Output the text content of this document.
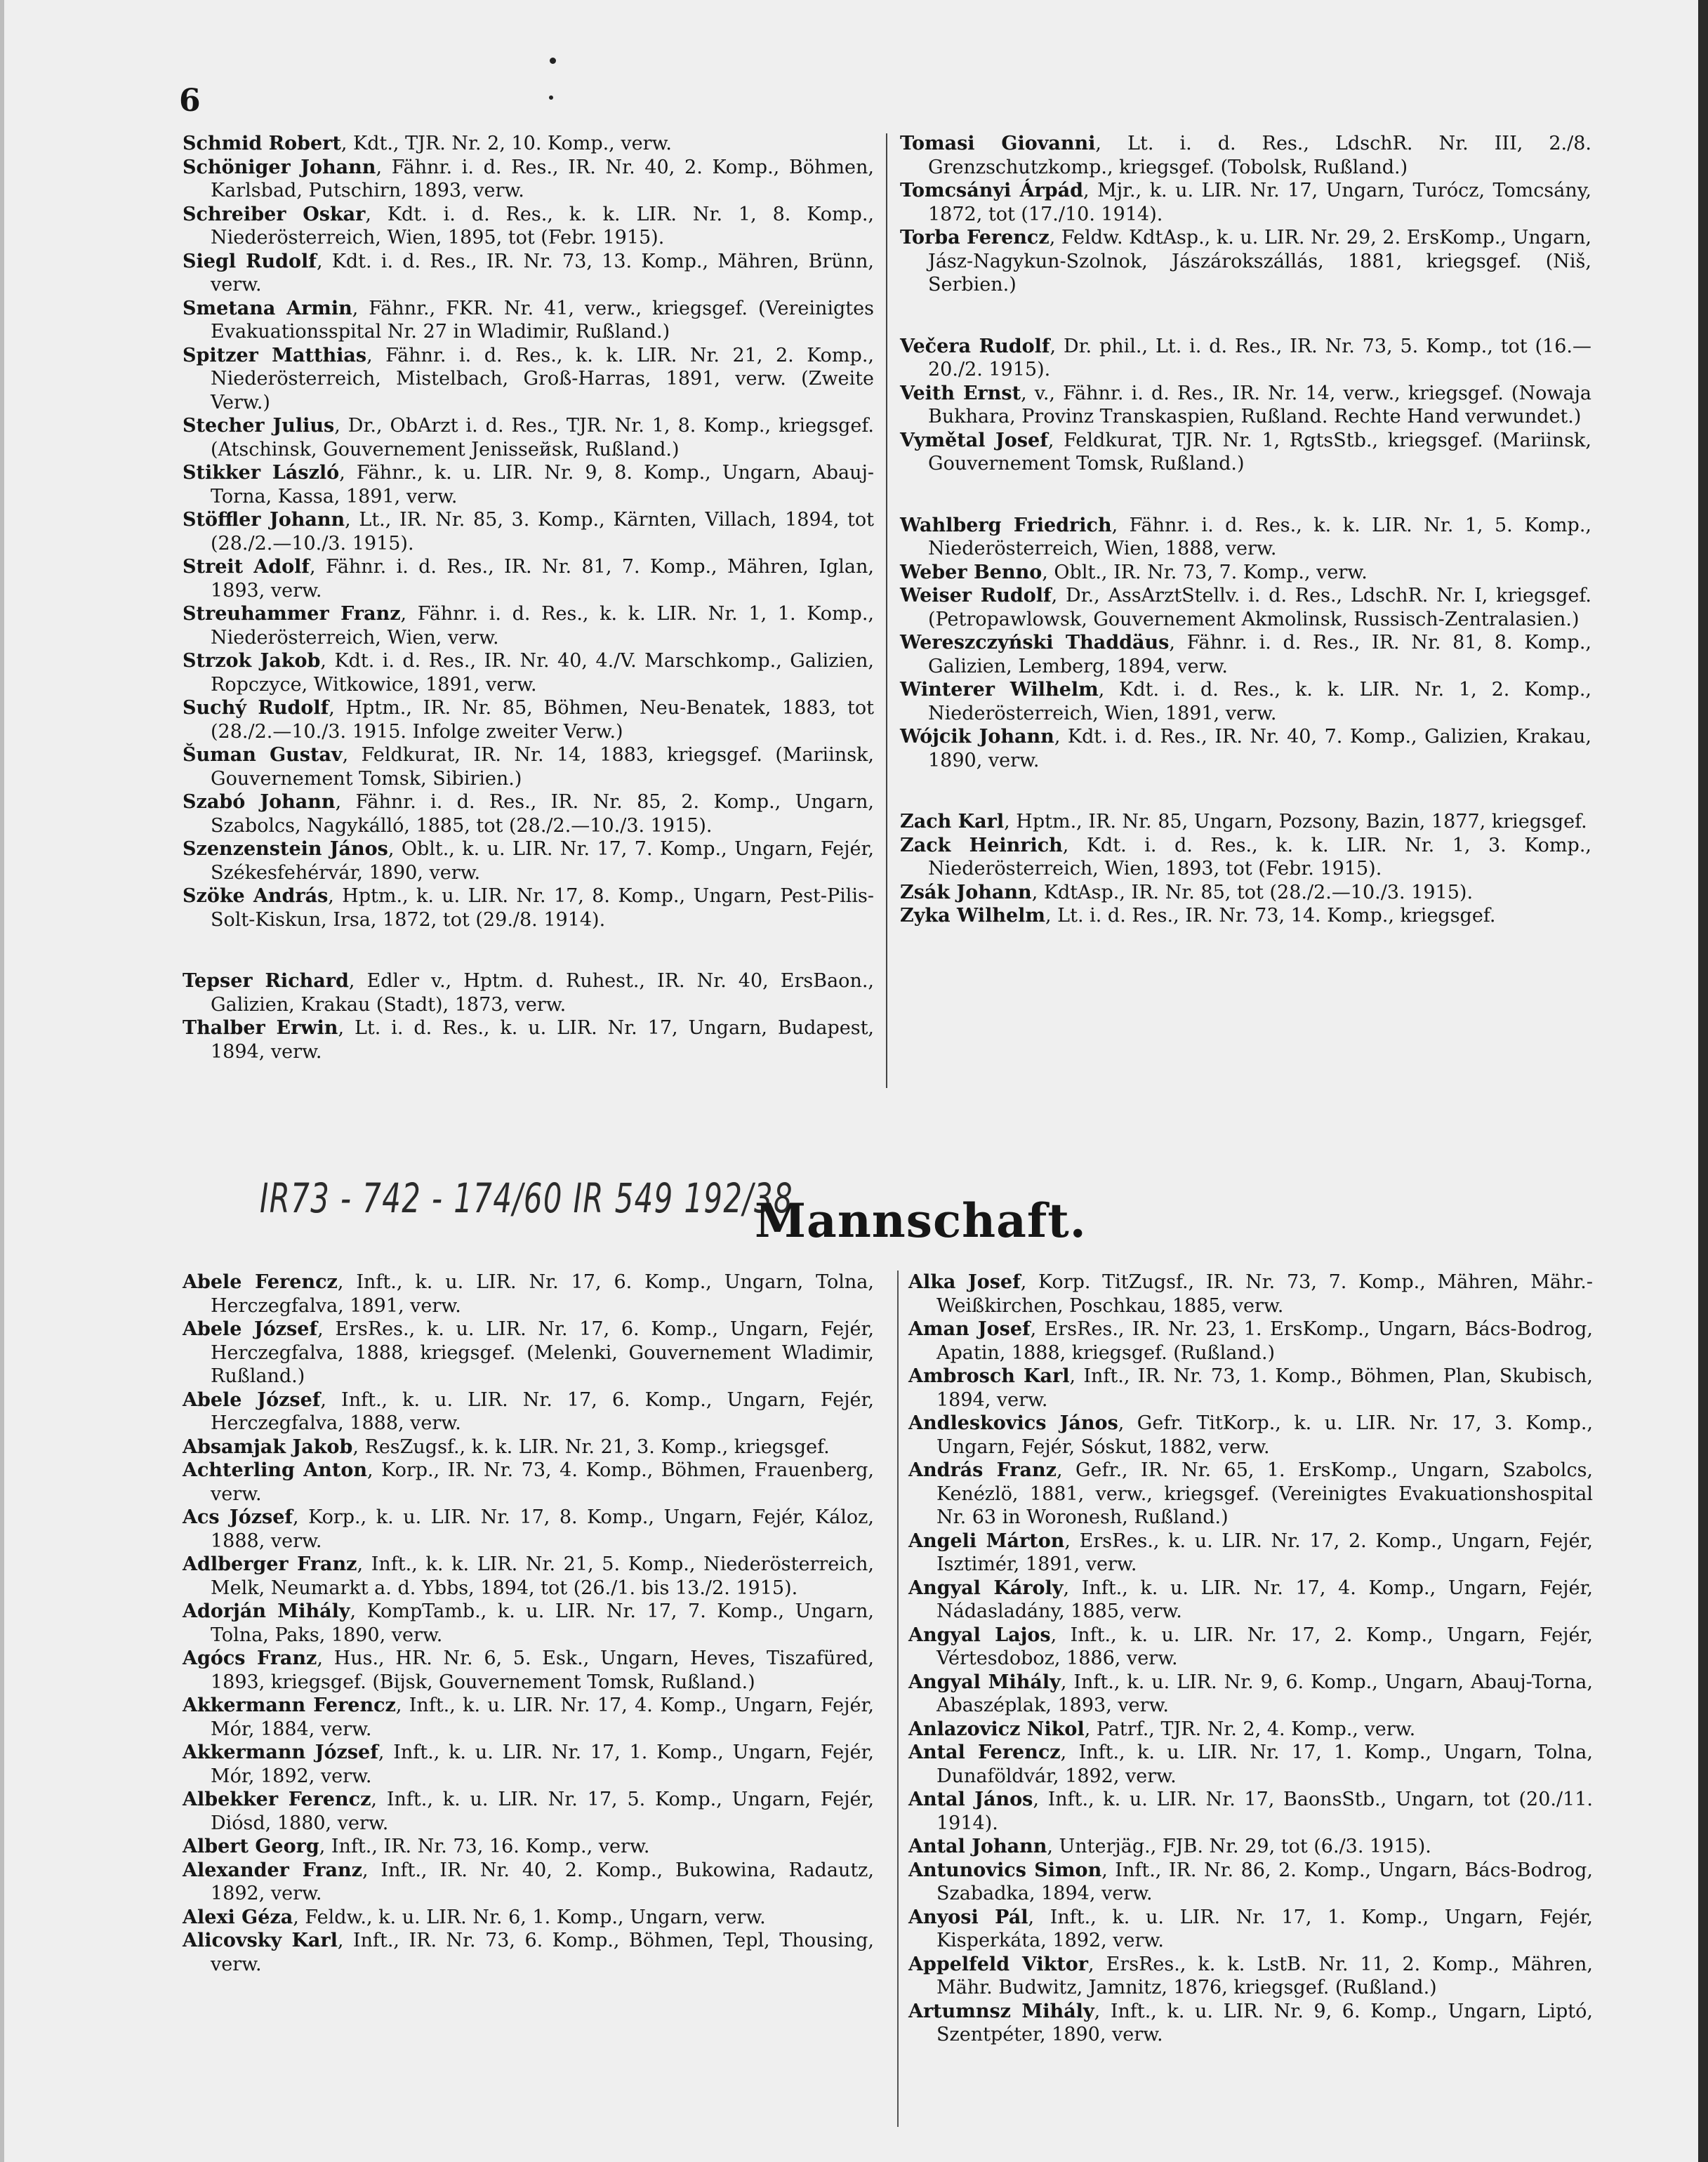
6

Schmid Robert, Kdt., TJR. Nr. 2, 10. Komp., verw.

Schöniger Johann, Fähnr. i. d. Res., IR. Nr. 40, 2. Komp., Böhmen, Karlsbad, Putschirn, 1893, verw.

Schreiber Oskar, Kdt. i. d. Res., k. k. LIR. Nr. 1, 8. Komp., Niederösterreich, Wien, 1895, tot (Febr. 1915).

Siegl Rudolf, Kdt. i. d. Res., IR. Nr. 73, 13. Komp., Mähren, Brünn, verw.

Smetana Armin, Fähnr., FKR. Nr. 41, verw., kriegsgef. (Vereinigtes Evakuationsspital Nr. 27 in Wladimir, Rußland.)

Spitzer Matthias, Fähnr. i. d. Res., k. k. LIR. Nr. 21, 2. Komp., Niederösterreich, Mistelbach, Groß-Harras, 1891, verw. (Zweite Verw.)

Stecher Julius, Dr., ObArzt i. d. Res., TJR. Nr. 1, 8. Komp., kriegsgef. (Atschinsk, Gouvernement Jenissейsk, Rußland.)

Stikker László, Fähnr., k. u. LIR. Nr. 9, 8. Komp., Ungarn, Abauj-Torna, Kassa, 1891, verw.

Stöffler Johann, Lt., IR. Nr. 85, 3. Komp., Kärnten, Villach, 1894, tot (28./2.—10./3. 1915).

Streit Adolf, Fähnr. i. d. Res., IR. Nr. 81, 7. Komp., Mähren, Iglan, 1893, verw.

Streuhammer Franz, Fähnr. i. d. Res., k. k. LIR. Nr. 1, 1. Komp., Niederösterreich, Wien, verw.

Strzok Jakob, Kdt. i. d. Res., IR. Nr. 40, 4./V. Marschkomp., Galizien, Ropczyce, Witkowice, 1891, verw.

Suchý Rudolf, Hptm., IR. Nr. 85, Böhmen, Neu-Benatek, 1883, tot (28./2.—10./3. 1915. Infolge zweiter Verw.)

Šuman Gustav, Feldkurat, IR. Nr. 14, 1883, kriegsgef. (Mariinsk, Gouvernement Tomsk, Sibirien.)

Szabó Johann, Fähnr. i. d. Res., IR. Nr. 85, 2. Komp., Ungarn, Szabolcs, Nagykálló, 1885, tot (28./2.—10./3. 1915).

Szenzenstein János, Oblt., k. u. LIR. Nr. 17, 7. Komp., Ungarn, Fejér, Székesfehérvár, 1890, verw.

Szöke András, Hptm., k. u. LIR. Nr. 17, 8. Komp., Ungarn, Pest-Pilis-Solt-Kiskun, Irsa, 1872, tot (29./8. 1914).

Tepser Richard, Edler v., Hptm. d. Ruhest., IR. Nr. 40, ErsBaon., Galizien, Krakau (Stadt), 1873, verw.

Thalber Erwin, Lt. i. d. Res., k. u. LIR. Nr. 17, Ungarn, Budapest, 1894, verw.

Tomasi Giovanni, Lt. i. d. Res., LdschR. Nr. III, 2./8. Grenzschutzkomp., kriegsgef. (Tobolsk, Rußland.)

Tomcsányi Árpád, Mjr., k. u. LIR. Nr. 17, Ungarn, Turócz, Tomcsány, 1872, tot (17./10. 1914).

Torba Ferencz, Feldw. KdtAsp., k. u. LIR. Nr. 29, 2. ErsKomp., Ungarn, Jász-Nagykun-Szolnok, Jászárokszállás, 1881, kriegsgef. (Niš, Serbien.)

Večera Rudolf, Dr. phil., Lt. i. d. Res., IR. Nr. 73, 5. Komp., tot (16.—20./2. 1915).

Veith Ernst, v., Fähnr. i. d. Res., IR. Nr. 14, verw., kriegsgef. (Nowaja Bukhara, Provinz Transkaspien, Rußland. Rechte Hand verwundet.)

Vymětal Josef, Feldkurat, TJR. Nr. 1, RgtsStb., kriegsgef. (Mariinsk, Gouvernement Tomsk, Rußland.)

Wahlberg Friedrich, Fähnr. i. d. Res., k. k. LIR. Nr. 1, 5. Komp., Niederösterreich, Wien, 1888, verw.

Weber Benno, Oblt., IR. Nr. 73, 7. Komp., verw.

Weiser Rudolf, Dr., AssArztStellv. i. d. Res., LdschR. Nr. I, kriegsgef. (Petropawlowsk, Gouvernement Akmolinsk, Russisch-Zentralasien.)

Wereszczyński Thaddäus, Fähnr. i. d. Res., IR. Nr. 81, 8. Komp., Galizien, Lemberg, 1894, verw.

Winterer Wilhelm, Kdt. i. d. Res., k. k. LIR. Nr. 1, 2. Komp., Niederösterreich, Wien, 1891, verw.

Wójcik Johann, Kdt. i. d. Res., IR. Nr. 40, 7. Komp., Galizien, Krakau, 1890, verw.

Zach Karl, Hptm., IR. Nr. 85, Ungarn, Pozsony, Bazin, 1877, kriegsgef.

Zack Heinrich, Kdt. i. d. Res., k. k. LIR. Nr. 1, 3. Komp., Niederösterreich, Wien, 1893, tot (Febr. 1915).

Zsák Johann, KdtAsp., IR. Nr. 85, tot (28./2.—10./3. 1915).

Zyka Wilhelm, Lt. i. d. Res., IR. Nr. 73, 14. Komp., kriegsgef.

IR73 - 742 - 174/60 IR 549 192/38
Mannschaft.

Abele Ferencz, Inft., k. u. LIR. Nr. 17, 6. Komp., Ungarn, Tolna, Herczegfalva, 1891, verw.

Abele József, ErsRes., k. u. LIR. Nr. 17, 6. Komp., Ungarn, Fejér, Herczegfalva, 1888, kriegsgef. (Melenki, Gouvernement Wladimir, Rußland.)

Abele József, Inft., k. u. LIR. Nr. 17, 6. Komp., Ungarn, Fejér, Herczegfalva, 1888, verw.

Absamjak Jakob, ResZugsf., k. k. LIR. Nr. 21, 3. Komp., kriegsgef.

Achterling Anton, Korp., IR. Nr. 73, 4. Komp., Böhmen, Frauenberg, verw.

Acs József, Korp., k. u. LIR. Nr. 17, 8. Komp., Ungarn, Fejér, Káloz, 1888, verw.

Adlberger Franz, Inft., k. k. LIR. Nr. 21, 5. Komp., Niederösterreich, Melk, Neumarkt a. d. Ybbs, 1894, tot (26./1. bis 13./2. 1915).

Adorján Mihály, KompTamb., k. u. LIR. Nr. 17, 7. Komp., Ungarn, Tolna, Paks, 1890, verw.

Agócs Franz, Hus., HR. Nr. 6, 5. Esk., Ungarn, Heves, Tiszafüred, 1893, kriegsgef. (Bijsk, Gouvernement Tomsk, Rußland.)

Akkermann Ferencz, Inft., k. u. LIR. Nr. 17, 4. Komp., Ungarn, Fejér, Mór, 1884, verw.

Akkermann József, Inft., k. u. LIR. Nr. 17, 1. Komp., Ungarn, Fejér, Mór, 1892, verw.

Albekker Ferencz, Inft., k. u. LIR. Nr. 17, 5. Komp., Ungarn, Fejér, Diósd, 1880, verw.

Albert Georg, Inft., IR. Nr. 73, 16. Komp., verw.

Alexander Franz, Inft., IR. Nr. 40, 2. Komp., Bukowina, Radautz, 1892, verw.

Alexi Géza, Feldw., k. u. LIR. Nr. 6, 1. Komp., Ungarn, verw.

Alicovsky Karl, Inft., IR. Nr. 73, 6. Komp., Böhmen, Tepl, Thousing, verw.

Alka Josef, Korp. TitZugsf., IR. Nr. 73, 7. Komp., Mähren, Mähr.-Weißkirchen, Poschkau, 1885, verw.

Aman Josef, ErsRes., IR. Nr. 23, 1. ErsKomp., Ungarn, Bács-Bodrog, Apatin, 1888, kriegsgef. (Rußland.)

Ambrosch Karl, Inft., IR. Nr. 73, 1. Komp., Böhmen, Plan, Skubisch, 1894, verw.

Andleskovics János, Gefr. TitKorp., k. u. LIR. Nr. 17, 3. Komp., Ungarn, Fejér, Sóskut, 1882, verw.

András Franz, Gefr., IR. Nr. 65, 1. ErsKomp., Ungarn, Szabolcs, Kenézlö, 1881, verw., kriegsgef. (Vereinigtes Evakuationshospital Nr. 63 in Woronesh, Rußland.)

Angeli Márton, ErsRes., k. u. LIR. Nr. 17, 2. Komp., Ungarn, Fejér, Isztimér, 1891, verw.

Angyal Károly, Inft., k. u. LIR. Nr. 17, 4. Komp., Ungarn, Fejér, Nádasladány, 1885, verw.

Angyal Lajos, Inft., k. u. LIR. Nr. 17, 2. Komp., Ungarn, Fejér, Vértesdoboz, 1886, verw.

Angyal Mihály, Inft., k. u. LIR. Nr. 9, 6. Komp., Ungarn, Abauj-Torna, Abaszéplak, 1893, verw.

Anlazovicz Nikol, Patrf., TJR. Nr. 2, 4. Komp., verw.

Antal Ferencz, Inft., k. u. LIR. Nr. 17, 1. Komp., Ungarn, Tolna, Dunaföldvár, 1892, verw.

Antal János, Inft., k. u. LIR. Nr. 17, BaonsStb., Ungarn, tot (20./11. 1914).

Antal Johann, Unterjäg., FJB. Nr. 29, tot (6./3. 1915).

Antunovics Simon, Inft., IR. Nr. 86, 2. Komp., Ungarn, Bács-Bodrog, Szabadka, 1894, verw.

Anyosi Pál, Inft., k. u. LIR. Nr. 17, 1. Komp., Ungarn, Fejér, Kisperkáta, 1892, verw.

Appelfeld Viktor, ErsRes., k. k. LstB. Nr. 11, 2. Komp., Mähren, Mähr. Budwitz, Jamnitz, 1876, kriegsgef. (Rußland.)

Artumnsz Mihály, Inft., k. u. LIR. Nr. 9, 6. Komp., Ungarn, Liptó, Szentpéter, 1890, verw.
